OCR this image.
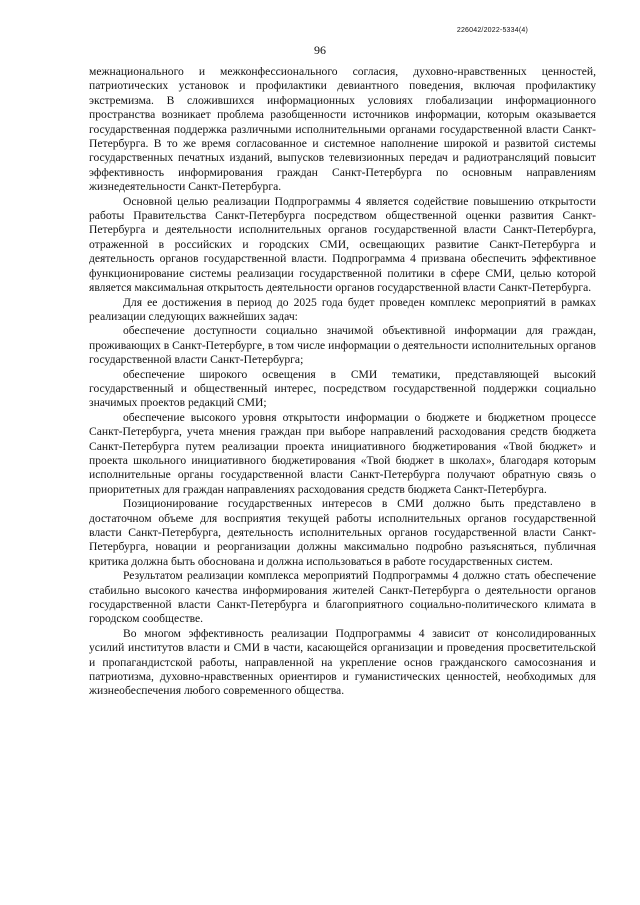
226042/2022-5334(4)
96

межнационального и межконфессионального согласия, духовно-нравственных ценностей, патриотических установок и профилактики девиантного поведения, включая профилактику экстремизма. В сложившихся информационных условиях глобализации информационного пространства возникает проблема разобщенности источников информации, которым оказывается государственная поддержка различными исполнительными органами государственной власти Санкт-Петербурга. В то же время согласованное и системное наполнение широкой и развитой системы государственных печатных изданий, выпусков телевизионных передач и радиотрансляций повысит эффективность информирования граждан Санкт-Петербурга по основным направлениям жизнедеятельности Санкт-Петербурга.

Основной целью реализации Подпрограммы 4 является содействие повышению открытости работы Правительства Санкт-Петербурга посредством общественной оценки развития Санкт-Петербурга и деятельности исполнительных органов государственной власти Санкт-Петербурга, отраженной в российских и городских СМИ, освещающих развитие Санкт-Петербурга и деятельность органов государственной власти. Подпрограмма 4 призвана обеспечить эффективное функционирование системы реализации государственной политики в сфере СМИ, целью которой является максимальная открытость деятельности органов государственной власти Санкт-Петербурга.

Для ее достижения в период до 2025 года будет проведен комплекс мероприятий в рамках реализации следующих важнейших задач:

обеспечение доступности социально значимой объективной информации для граждан, проживающих в Санкт-Петербурге, в том числе информации о деятельности исполнительных органов государственной власти Санкт-Петербурга;

обеспечение широкого освещения в СМИ тематики, представляющей высокий государственный и общественный интерес, посредством государственной поддержки социально значимых проектов редакций СМИ;

обеспечение высокого уровня открытости информации о бюджете и бюджетном процессе Санкт-Петербурга, учета мнения граждан при выборе направлений расходования средств бюджета Санкт-Петербурга путем реализации проекта инициативного бюджетирования «Твой бюджет» и проекта школьного инициативного бюджетирования «Твой бюджет в школах», благодаря которым исполнительные органы государственной власти Санкт-Петербурга получают обратную связь о приоритетных для граждан направлениях расходования средств бюджета Санкт-Петербурга.

Позиционирование государственных интересов в СМИ должно быть представлено в достаточном объеме для восприятия текущей работы исполнительных органов государственной власти Санкт-Петербурга, деятельность исполнительных органов государственной власти Санкт-Петербурга, новации и реорганизации должны максимально подробно разъясняться, публичная критика должна быть обоснована и должна использоваться в работе государственных систем.

Результатом реализации комплекса мероприятий Подпрограммы 4 должно стать обеспечение стабильно высокого качества информирования жителей Санкт-Петербурга о деятельности органов государственной власти Санкт-Петербурга и благоприятного социально-политического климата в городском сообществе.

Во многом эффективность реализации Подпрограммы 4 зависит от консолидированных усилий институтов власти и СМИ в части, касающейся организации и проведения просветительской и пропагандистской работы, направленной на укрепление основ гражданского самосознания и патриотизма, духовно-нравственных ориентиров и гуманистических ценностей, необходимых для жизнеобеспечения любого современного общества.
